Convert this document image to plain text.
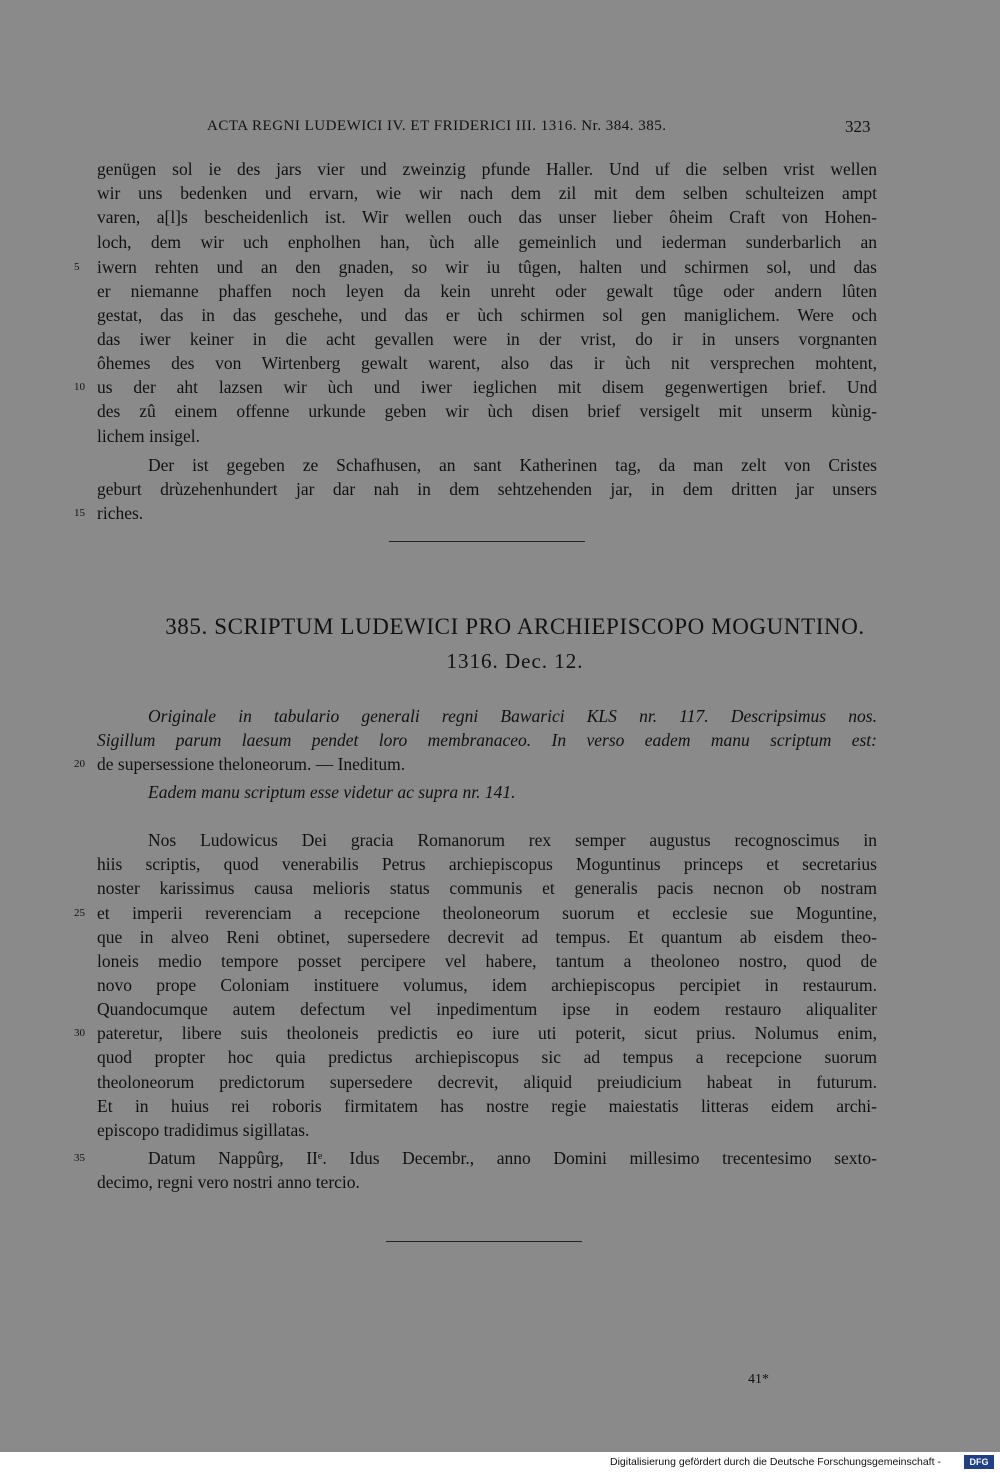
ACTA REGNI LUDEWICI IV. ET FRIDERICI III. 1316. Nr. 384. 385.	323
genügen sol ie des jars vier und zweinzig pfunde Haller. Und uf die selben vrist wellen
wir uns bedenken und ervarn, wie wir nach dem zil mit dem selben schulteizen ampt
varen, a[l]s bescheidenlich ist. Wir wellen ouch das unser lieber ôheim Craft von Hohen-
loch, dem wir uch enpholhen han, ùch alle gemeinlich und iederman sunderbarlich an
5 iwern rehten und an den gnaden, so wir iu tûgen, halten und schirmen sol, und das
er niemanne phaffen noch leyen da kein unreht oder gewalt tûge oder andern lûten
gestat, das in das geschehe, und das er ùch schirmen sol gen maniglichem. Were och
das iwer keiner in die acht gevallen were in der vrist, do ir in unsers vorgnanten
ôhemes des von Wirtenberg gewalt warent, also das ir ùch nit versprechen mohtent,
10 us der aht lazsen wir ùch und iwer ieglichen mit disem gegenwertigen brief. Und
des zû einem offenne urkunde geben wir ùch disen brief versigelt mit unserm kùnig-
lichem insigel.
Der ist gegeben ze Schafhusen, an sant Katherinen tag, da man zelt von Cristes
geburt drùzehenhundert jar dar nah in dem sehtzehenden jar, in dem dritten jar unsers
15 riches.
385. SCRIPTUM LUDEWICI PRO ARCHIEPISCOPO MOGUNTINO.
1316. Dec. 12.
Originale in tabulario generali regni Bawarici KLS nr. 117. Descripsimus nos.
Sigillum parum laesum pendet loro membranaceo. In verso eadem manu scriptum est:
20 de supersessione theloneorum. — Ineditum.
Eadem manu scriptum esse videtur ac supra nr. 141.
Nos Ludowicus Dei gracia Romanorum rex semper augustus recognoscimus in
hiis scriptis, quod venerabilis Petrus archiepiscopus Moguntinus princeps et secretarius
noster karissimus causa melioris status communis et generalis pacis necnon ob nostram
25 et imperii reverenciam a recepcione theoloneorum suorum et ecclesie sue Moguntine,
que in alveo Reni obtinet, supersedere decrevit ad tempus. Et quantum ab eisdem theo-
loneis medio tempore posset percipere vel habere, tantum a theoloneo nostro, quod de
novo prope Coloniam instituere volumus, idem archiepiscopus percipiet in restaurum.
Quandocumque autem defectum vel inpedimentum ipse in eodem restauro aliqualiter
30 pateretur, libere suis theoloneis predictis eo iure uti poterit, sicut prius. Nolumus enim,
quod propter hoc quia predictus archiepiscopus sic ad tempus a recepcione suorum
theoloneorum predictorum supersedere decrevit, aliquid preiudicium habeat in futurum.
Et in huius rei roboris firmitatem has nostre regie maiestatis litteras eidem archi-
episcopo tradidimus sigillatas.
35	Datum Nappûrg, IIᵉ. Idus Decembr., anno Domini millesimo trecentesimo sexto-
decimo, regni vero nostri anno tercio.
41*
Digitalisierung gefördert durch die Deutsche Forschungsgemeinschaft -	DFG
